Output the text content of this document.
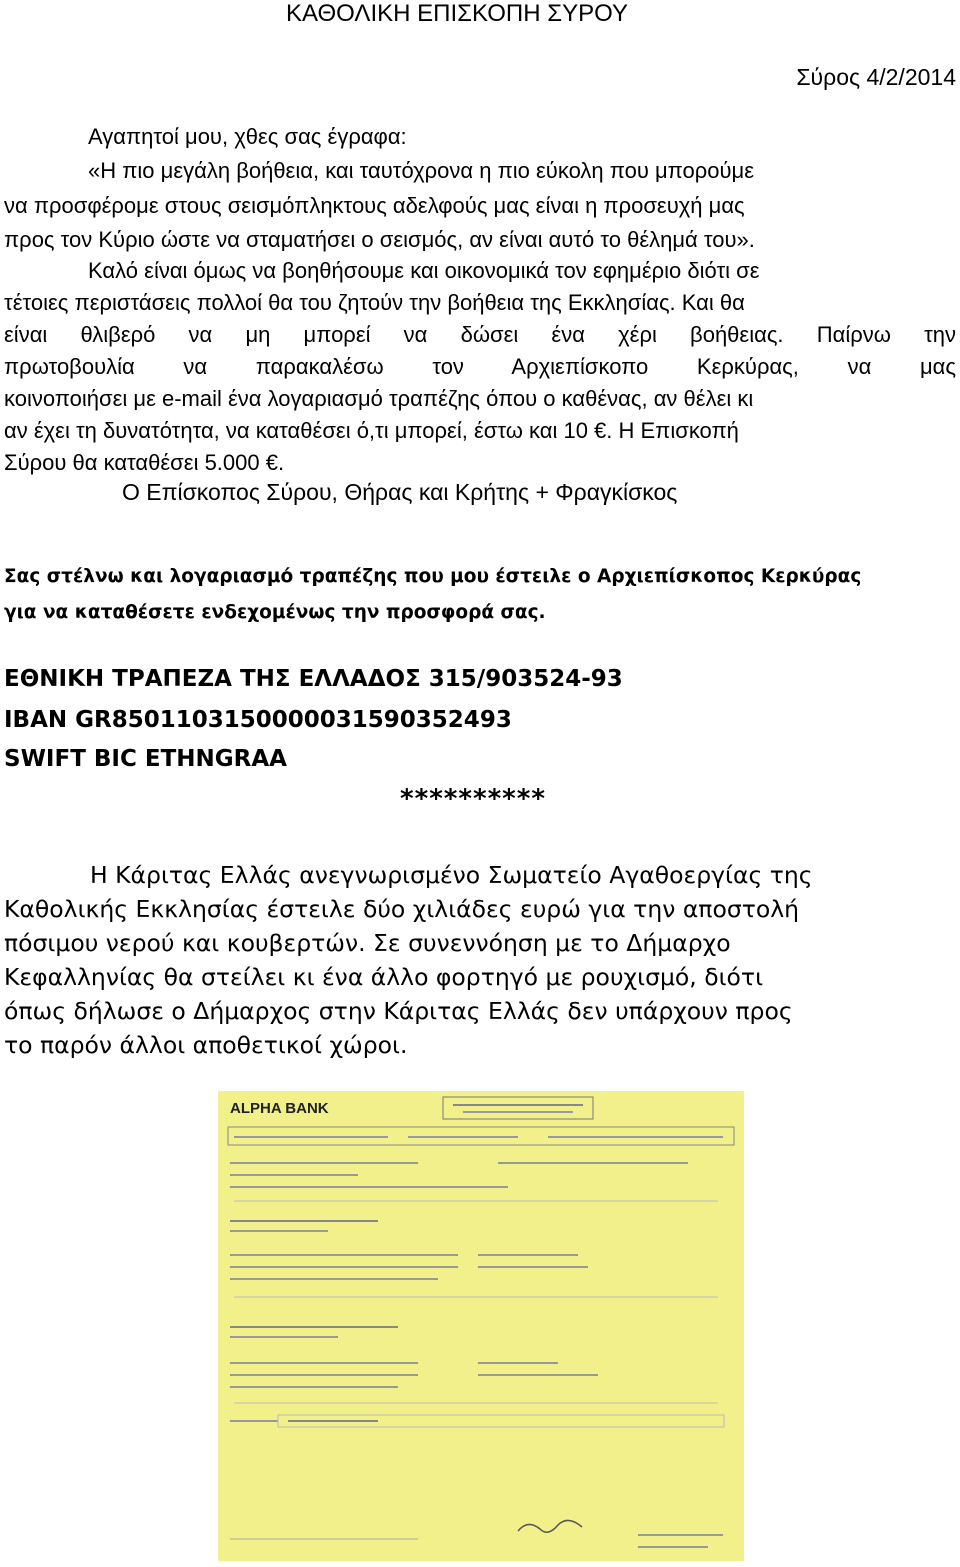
ΚΑΘΟΛΙΚΗ ΕΠΙΣΚΟΠΗ ΣΥΡΟΥ
Σύρος 4/2/2014
Αγαπητοί μου, χθες σας έγραφα:
«Η πιο μεγάλη βοήθεια, και ταυτόχρονα η πιο εύκολη που μπορούμε
να προσφέρομε στους σεισμόπληκτους αδελφούς μας είναι η προσευχή μας
προς τον Κύριο ώστε να σταματήσει ο σεισμός, αν είναι αυτό το θέλημά του».
Καλό είναι όμως να βοηθήσουμε και οικονομικά τον εφημέριο διότι σε
τέτοιες περιστάσεις πολλοί θα του ζητούν την βοήθεια της Εκκλησίας. Και θα
είναι θλιβερό να μη μπορεί να δώσει ένα χέρι βοήθειας. Παίρνω την
πρωτοβουλία να παρακαλέσω τον Αρχιεπίσκοπο Κερκύρας, να μας
κοινοποιήσει με e-mail ένα λογαριασμό τραπέζης όπου ο καθένας, αν θέλει κι
αν έχει τη δυνατότητα, να καταθέσει ό,τι μπορεί, έστω και 10 €. Η Επισκοπή
Σύρου θα καταθέσει 5.000 €.
Ο Επίσκοπος Σύρου, Θήρας και Κρήτης + Φραγκίσκος
Σας στέλνω και λογαριασμό τραπέζης που μου έστειλε ο Αρχιεπίσκοπος Κερκύρας
για να καταθέσετε ενδεχομένως την προσφορά σας.
ΕΘΝΙΚΗ ΤΡΑΠΕΖΑ ΤΗΣ ΕΛΛΑΔΟΣ 315/903524-93
IBAN GR8501103150000031590352493
SWIFT BIC ETHNGRAA
**********
Η Κάριτας Ελλάς ανεγνωρισμένο Σωματείο Αγαθοεργίας της
Καθολικής Εκκλησίας έστειλε δύο χιλιάδες ευρώ για την αποστολή
πόσιμου νερού και κουβερτών. Σε συνεννόηση με το Δήμαρχο
Κεφαλληνίας θα στείλει κι ένα άλλο φορτηγό με ρουχισμό, διότι
όπως δήλωσε ο Δήμαρχος στην Κάριτας Ελλάς δεν υπάρχουν προς
το παρόν άλλοι αποθετικοί χώροι.
ALPHA BANK
